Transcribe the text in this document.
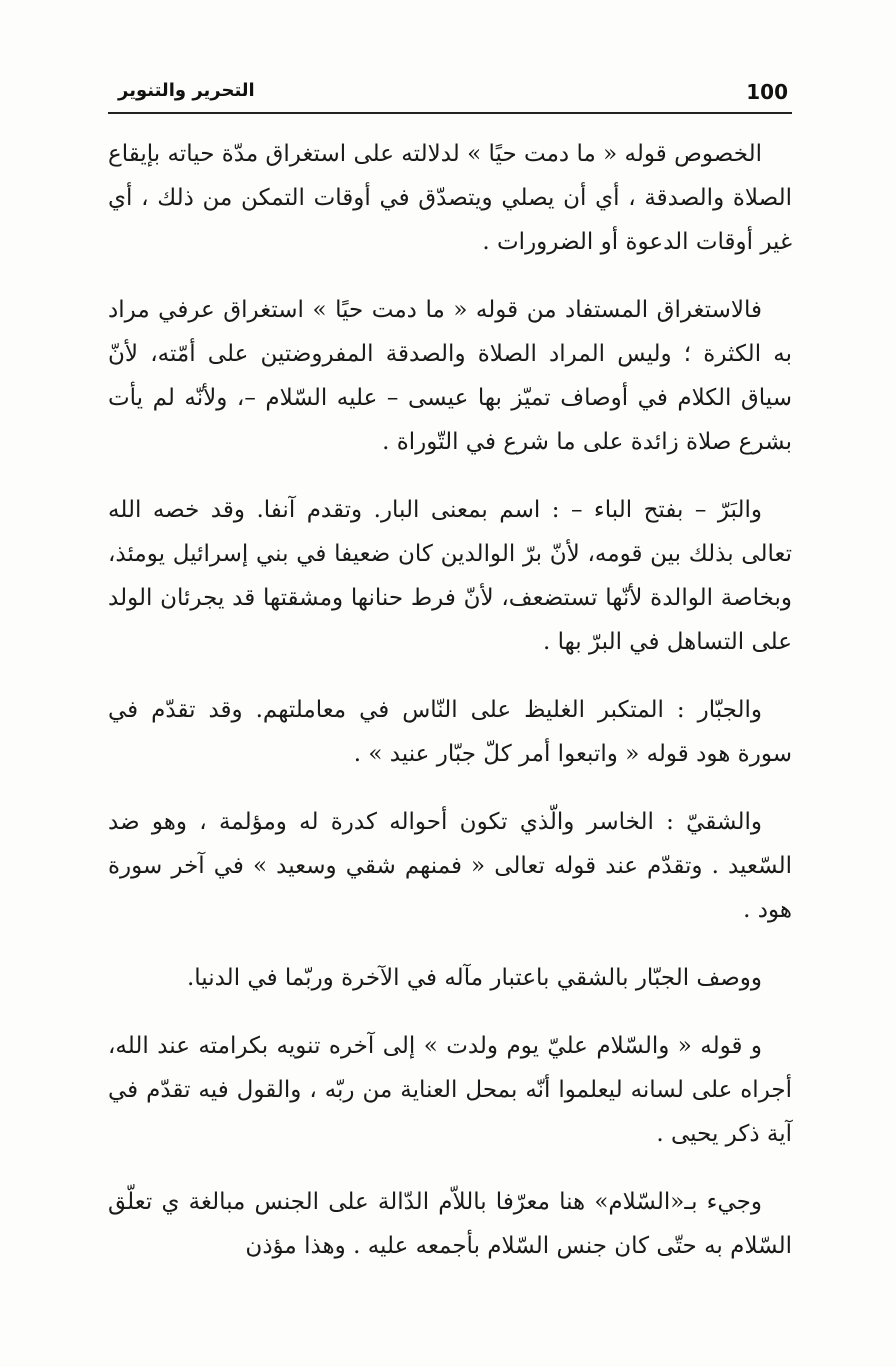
100
التحرير والتنوير

الخصوص قوله « ما دمت حيًا » لدلالته على استغراق مدّة حياته بإيقاع الصلاة والصدقة ، أي أن يصلي ويتصدّق في أوقات التمكن من ذلك ، أي غير أوقات الدعوة أو الضرورات .

فالاستغراق المستفاد من قوله « ما دمت حيًا » استغراق عرفي مراد به الكثرة ؛ وليس المراد الصلاة والصدقة المفروضتين على أمّته، لأنّ سياق الكلام في أوصاف تميّز بها عيسى – عليه السّلام –، ولأنّه لم يأت بشرع صلاة زائدة على ما شرع في التّوراة .

والبَرّ – بفتح الباء – : اسم بمعنى البار. وتقدم آنفا. وقد خصه الله تعالى بذلك بين قومه، لأنّ برّ الوالدين كان ضعيفا في بني إسرائيل يومئذ، وبخاصة الوالدة لأنّها تستضعف، لأنّ فرط حنانها ومشقتها قد يجرئان الولد على التساهل في البرّ بها .

والجبّار : المتكبر الغليظ على النّاس في معاملتهم. وقد تقدّم في سورة هود قوله « واتبعوا أمر كلّ جبّار عنيد » .

والشقيّ : الخاسر والّذي تكون أحواله كدرة له ومؤلمة ، وهو ضد السّعيد . وتقدّم عند قوله تعالى « فمنهم شقي وسعيد » في آخر سورة هود .

ووصف الجبّار بالشقي باعتبار مآله في الآخرة وربّما في الدنيا.

و قوله « والسّلام عليّ يوم ولدت » إلى آخره تنويه بكرامته عند الله، أجراه على لسانه ليعلموا أنّه بمحل العناية من ربّه ، والقول فيه تقدّم في آية ذكر يحيى .

وجيء بـ«السّلام» هنا معرّفا باللاّم الدّالة على الجنس مبالغة ي تعلّق السّلام به حتّى كان جنس السّلام بأجمعه عليه . وهذا مؤذن
